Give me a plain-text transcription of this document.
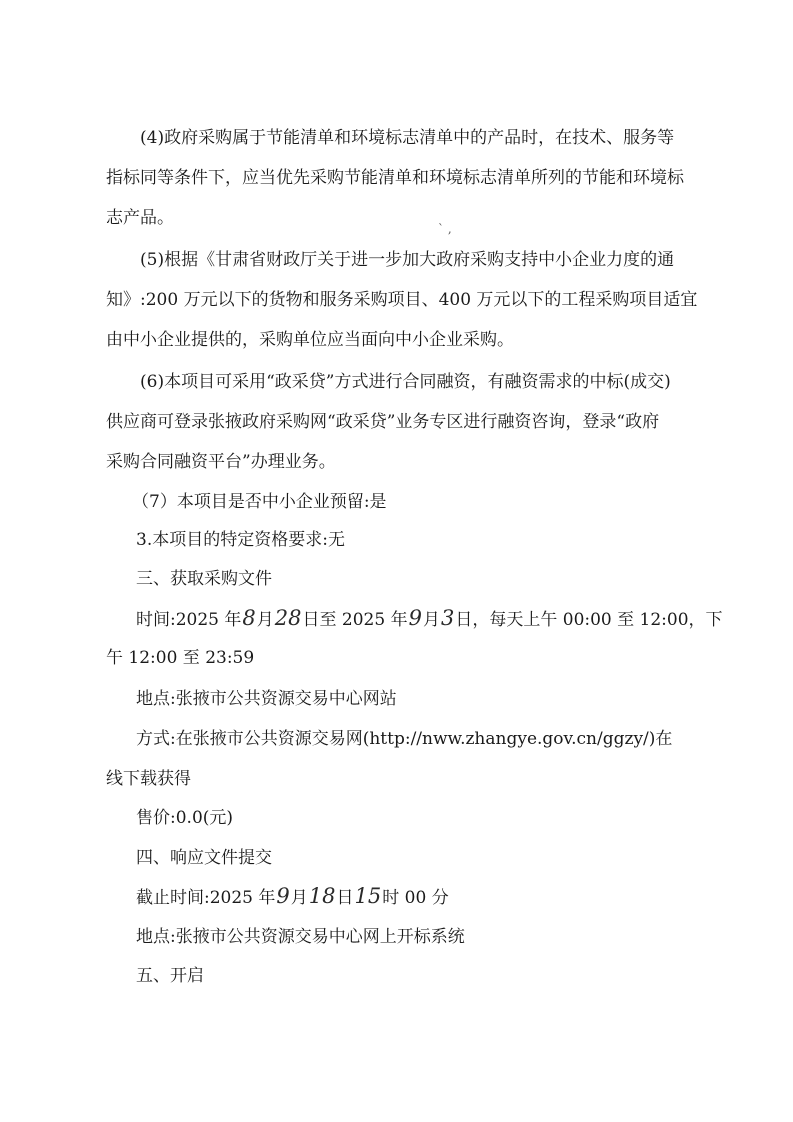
(4)政府采购属于节能清单和环境标志清单中的产品时，在技术、服务等
指标同等条件下，应当优先采购节能清单和环境标志清单所列的节能和环境标
志产品。
` ,
(5)根据《甘肃省财政厅关于进一步加大政府采购支持中小企业力度的通
知》:200 万元以下的货物和服务采购项目、400 万元以下的工程采购项目适宜
由中小企业提供的，采购单位应当面向中小企业采购。
(6)本项目可采用“政采贷”方式进行合同融资，有融资需求的中标(成交)
供应商可登录张掖政府采购网“政采贷”业务专区进行融资咨询，登录“政府
采购合同融资平台”办理业务。
（7）本项目是否中小企业预留:是
3.本项目的特定资格要求:无
三、获取采购文件
时间:2025 年8月28日至 2025 年9月3日，每天上午 00:00 至 12:00，下
午 12:00 至 23:59
地点:张掖市公共资源交易中心网站
方式:在张掖市公共资源交易网(http://nww.zhangye.gov.cn/ggzy/)在
线下载获得
售价:0.0(元)
四、响应文件提交
截止时间:2025 年9月18日15时 00 分
地点:张掖市公共资源交易中心网上开标系统
五、开启
